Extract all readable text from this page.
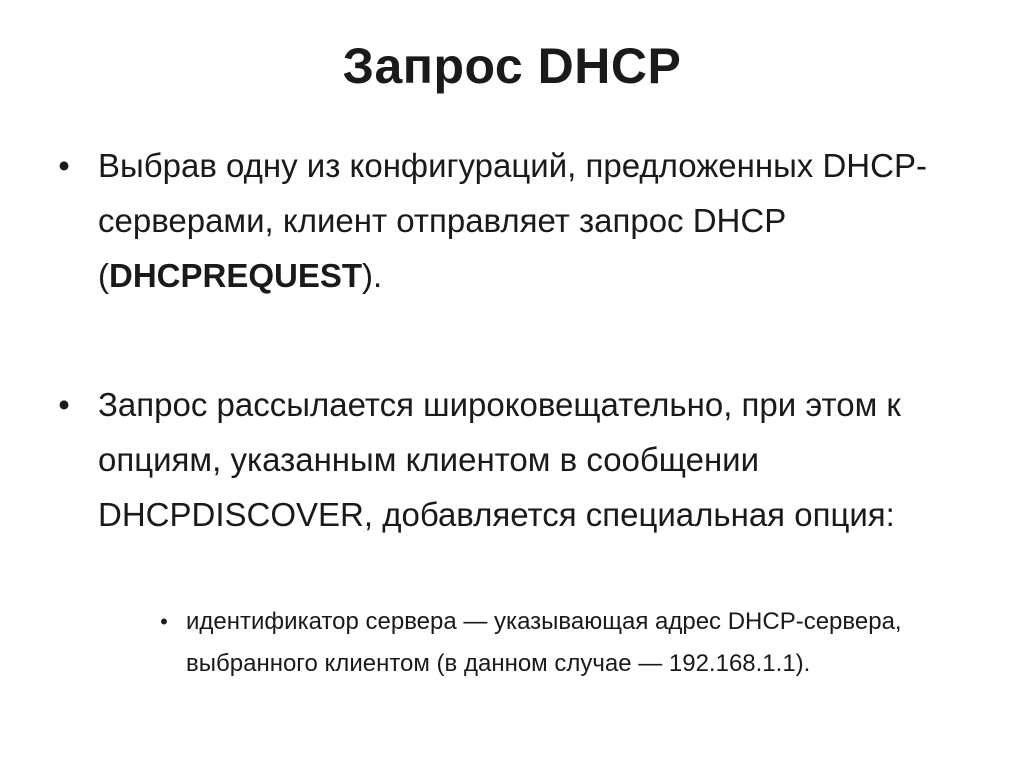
Запрос DHCP
• Выбрав одну из конфигураций, предложенных DHCP-серверами, клиент отправляет запрос DHCP (DHCPREQUEST).
• Запрос рассылается широковещательно, при этом к опциям, указанным клиентом в сообщении DHCPDISCOVER, добавляется специальная опция:
• идентификатор сервера — указывающая адрес DHCP-сервера, выбранного клиентом (в данном случае — 192.168.1.1).
